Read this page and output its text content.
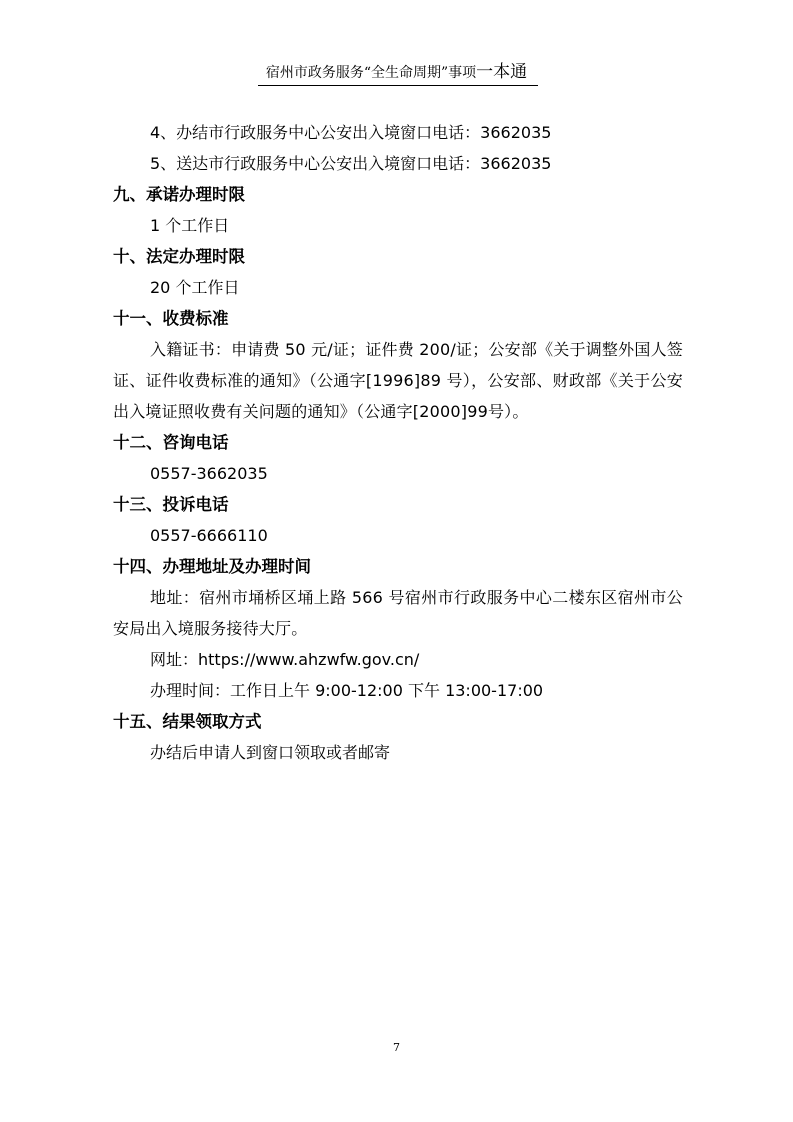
宿州市政务服务“全生命周期”事项一本通
4、办结市行政服务中心公安出入境窗口电话：3662035
5、送达市行政服务中心公安出入境窗口电话：3662035
九、承诺办理时限
1 个工作日
十、法定办理时限
20 个工作日
十一、收费标准
入籍证书：申请费 50 元/证；证件费 200/证；公安部《关于调整外国人签证、证件收费标准的通知》（公通字[1996]89 号），公安部、财政部《关于公安出入境证照收费有关问题的通知》（公通字[2000]99号）。
十二、咨询电话
0557-3662035
十三、投诉电话
0557-6666110
十四、办理地址及办理时间
地址：宿州市埇桥区埇上路 566 号宿州市行政服务中心二楼东区宿州市公安局出入境服务接待大厅。
网址：https://www.ahzwfw.gov.cn/
办理时间：工作日上午 9:00-12:00 下午 13:00-17:00
十五、结果领取方式
办结后申请人到窗口领取或者邮寄
7
